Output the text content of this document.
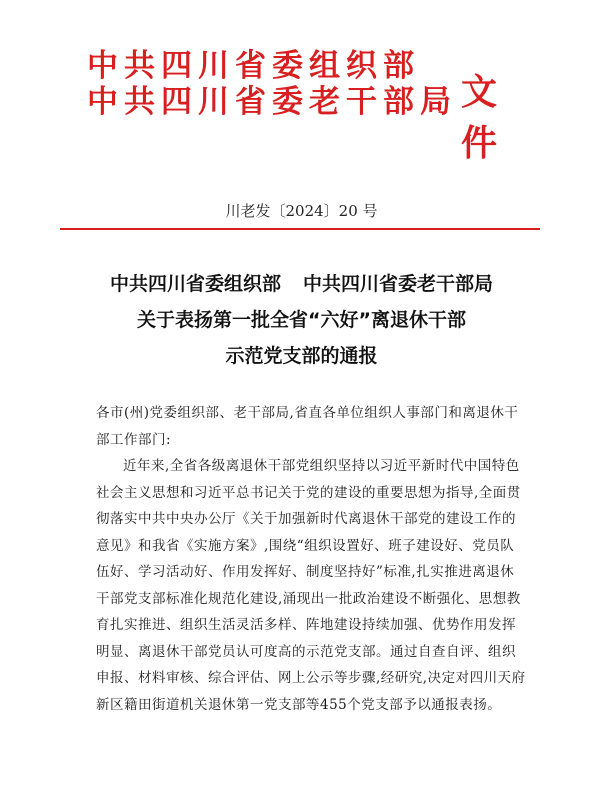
中共四川省委组织部
中共四川省委老干部局 文件
川老发〔2024〕20 号
中共四川省委组织部 中共四川省委老干部局
关于表扬第一批全省“六好”离退休干部
示范党支部的通报

各市(州)党委组织部、老干部局,省直各单位组织人事部门和离退休干部工作部门:

近年来,全省各级离退休干部党组织坚持以习近平新时代中国特色社会主义思想和习近平总书记关于党的建设的重要思想为指导,全面贯彻落实中共中央办公厅《关于加强新时代离退休干部党的建设工作的意见》和我省《实施方案》,围绕“组织设置好、班子建设好、党员队伍好、学习活动好、作用发挥好、制度坚持好”标准,扎实推进离退休干部党支部标准化规范化建设,涌现出一批政治建设不断强化、思想教育扎实推进、组织生活灵活多样、阵地建设持续加强、优势作用发挥明显、离退休干部党员认可度高的示范党支部。通过自查自评、组织申报、材料审核、综合评估、网上公示等步骤,经研究,决定对四川天府新区籍田街道机关退休第一党支部等455个党支部予以通报表扬。
